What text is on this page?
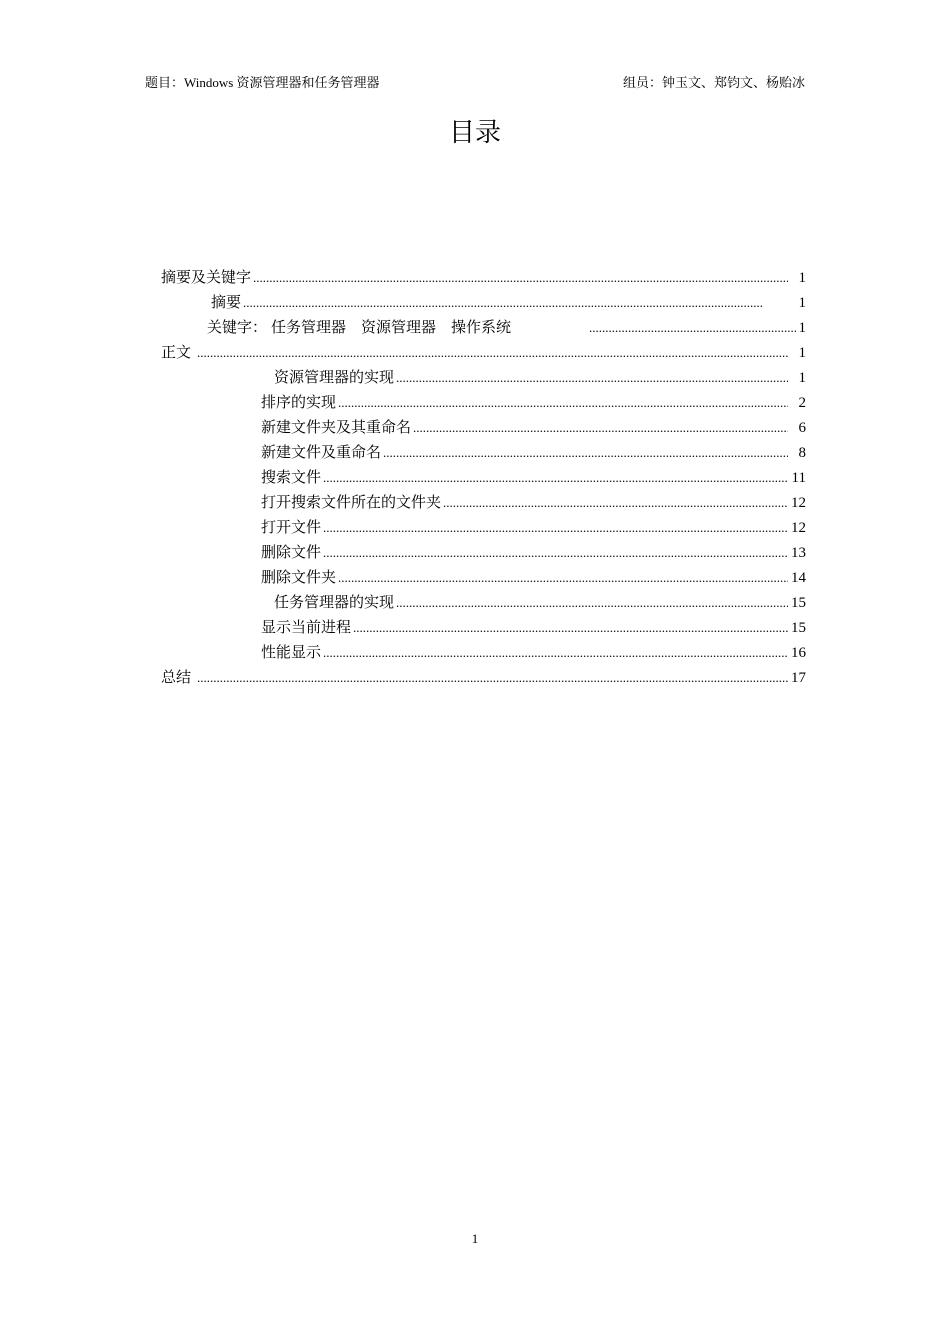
题目：Windows 资源管理器和任务管理器	组员：钟玉文、郑钧文、杨贻冰
目录
摘要及关键字 .....	1
摘要 .....	1
关键字： 任务管理器　资源管理器　操作系统 .....	1
正文 .....	1
资源管理器的实现 .....	1
排序的实现 .....	2
新建文件夹及其重命名 .....	6
新建文件及重命名 .....	8
搜索文件 .....	11
打开搜索文件所在的文件夹 .....	12
打开文件 .....	12
删除文件 .....	13
删除文件夹 .....	14
任务管理器的实现 .....	15
显示当前进程 .....	15
性能显示 .....	16
总结 .....	17
1
